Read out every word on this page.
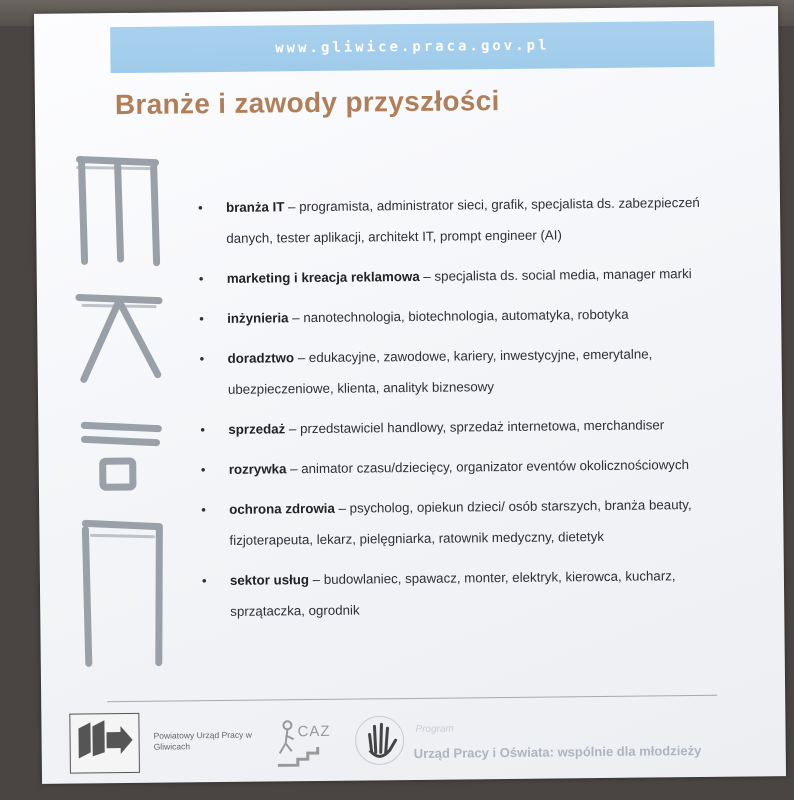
www.gliwice.praca.gov.pl
Branże i zawody przyszłości
• branża IT – programista, administrator sieci, grafik, specjalista ds. zabezpieczeń danych, tester aplikacji, architekt IT, prompt engineer (AI)
• marketing i kreacja reklamowa – specjalista ds. social media, manager marki
• inżynieria – nanotechnologia, biotechnologia, automatyka, robotyka
• doradztwo – edukacyjne, zawodowe, kariery, inwestycyjne, emerytalne, ubezpieczeniowe, klienta, analityk biznesowy
• sprzedaż – przedstawiciel handlowy, sprzedaż internetowa, merchandiser
• rozrywka – animator czasu/dziecięcy, organizator eventów okolicznościowych
• ochrona zdrowia – psycholog, opiekun dzieci/ osób starszych, branża beauty, fizjoterapeuta, lekarz, pielęgniarka, ratownik medyczny, dietetyk
• sektor usług – budowlaniec, spawacz, monter, elektryk, kierowca, kucharz, sprzątaczka, ogrodnik
Powiatowy Urząd Pracy w Gliwicach
CAZ	Program
Urząd Pracy i Oświata: wspólnie dla młodzieży
